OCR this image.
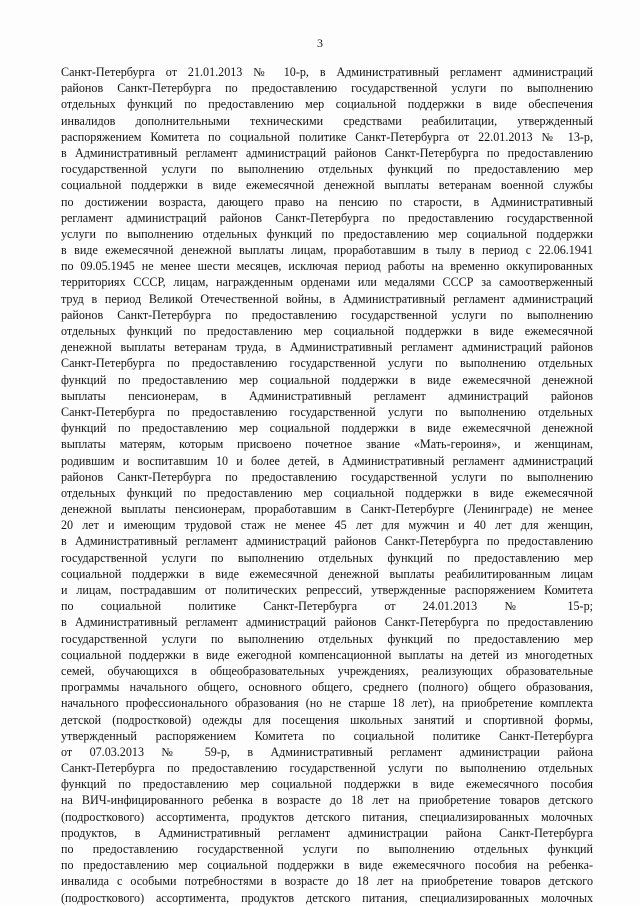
3
Санкт-Петербурга от 21.01.2013 № 10-р, в Административный регламент администраций
районов Санкт-Петербурга по предоставлению государственной услуги по выполнению
отдельных функций по предоставлению мер социальной поддержки в виде обеспечения
инвалидов дополнительными техническими средствами реабилитации, утвержденный
распоряжением Комитета по социальной политике Санкт-Петербурга от 22.01.2013 № 13-р,
в Административный регламент администраций районов Санкт-Петербурга по предоставлению
государственной услуги по выполнению отдельных функций по предоставлению мер
социальной поддержки в виде ежемесячной денежной выплаты ветеранам военной службы
по достижении возраста, дающего право на пенсию по старости, в Административный
регламент администраций районов Санкт-Петербурга по предоставлению государственной
услуги по выполнению отдельных функций по предоставлению мер социальной поддержки
в виде ежемесячной денежной выплаты лицам, проработавшим в тылу в период с 22.06.1941
по 09.05.1945 не менее шести месяцев, исключая период работы на временно оккупированных
территориях СССР, лицам, награжденным орденами или медалями СССР за самоотверженный
труд в период Великой Отечественной войны, в Административный регламент администраций
районов Санкт-Петербурга по предоставлению государственной услуги по выполнению
отдельных функций по предоставлению мер социальной поддержки в виде ежемесячной
денежной выплаты ветеранам труда, в Административный регламент администраций районов
Санкт-Петербурга по предоставлению государственной услуги по выполнению отдельных
функций по предоставлению мер социальной поддержки в виде ежемесячной денежной
выплаты пенсионерам, в Административный регламент администраций районов
Санкт-Петербурга по предоставлению государственной услуги по выполнению отдельных
функций по предоставлению мер социальной поддержки в виде ежемесячной денежной
выплаты матерям, которым присвоено почетное звание «Мать-героиня», и женщинам,
родившим и воспитавшим 10 и более детей, в Административный регламент администраций
районов Санкт-Петербурга по предоставлению государственной услуги по выполнению
отдельных функций по предоставлению мер социальной поддержки в виде ежемесячной
денежной выплаты пенсионерам, проработавшим в Санкт-Петербурге (Ленинграде) не менее
20 лет и имеющим трудовой стаж не менее 45 лет для мужчин и 40 лет для женщин,
в Административный регламент администраций районов Санкт-Петербурга по предоставлению
государственной услуги по выполнению отдельных функций по предоставлению мер
социальной поддержки в виде ежемесячной денежной выплаты реабилитированным лицам
и лицам, пострадавшим от политических репрессий, утвержденные распоряжением Комитета
по социальной политике Санкт-Петербурга от 24.01.2013 № 15-р;
в Административный регламент администраций районов Санкт-Петербурга по предоставлению
государственной услуги по выполнению отдельных функций по предоставлению мер
социальной поддержки в виде ежегодной компенсационной выплаты на детей из многодетных
семей, обучающихся в общеобразовательных учреждениях, реализующих образовательные
программы начального общего, основного общего, среднего (полного) общего образования,
начального профессионального образования (но не старше 18 лет), на приобретение комплекта
детской (подростковой) одежды для посещения школьных занятий и спортивной формы,
утвержденный распоряжением Комитета по социальной политике Санкт-Петербурга
от 07.03.2013 № 59-р, в Административный регламент администрации района
Санкт-Петербурга по предоставлению государственной услуги по выполнению отдельных
функций по предоставлению мер социальной поддержки в виде ежемесячного пособия
на ВИЧ-инфицированного ребенка в возрасте до 18 лет на приобретение товаров детского
(подросткового) ассортимента, продуктов детского питания, специализированных молочных
продуктов, в Административный регламент администрации района Санкт-Петербурга
по предоставлению государственной услуги по выполнению отдельных функций
по предоставлению мер социальной поддержки в виде ежемесячного пособия на ребенка-
инвалида с особыми потребностями в возрасте до 18 лет на приобретение товаров детского
(подросткового) ассортимента, продуктов детского питания, специализированных молочных
